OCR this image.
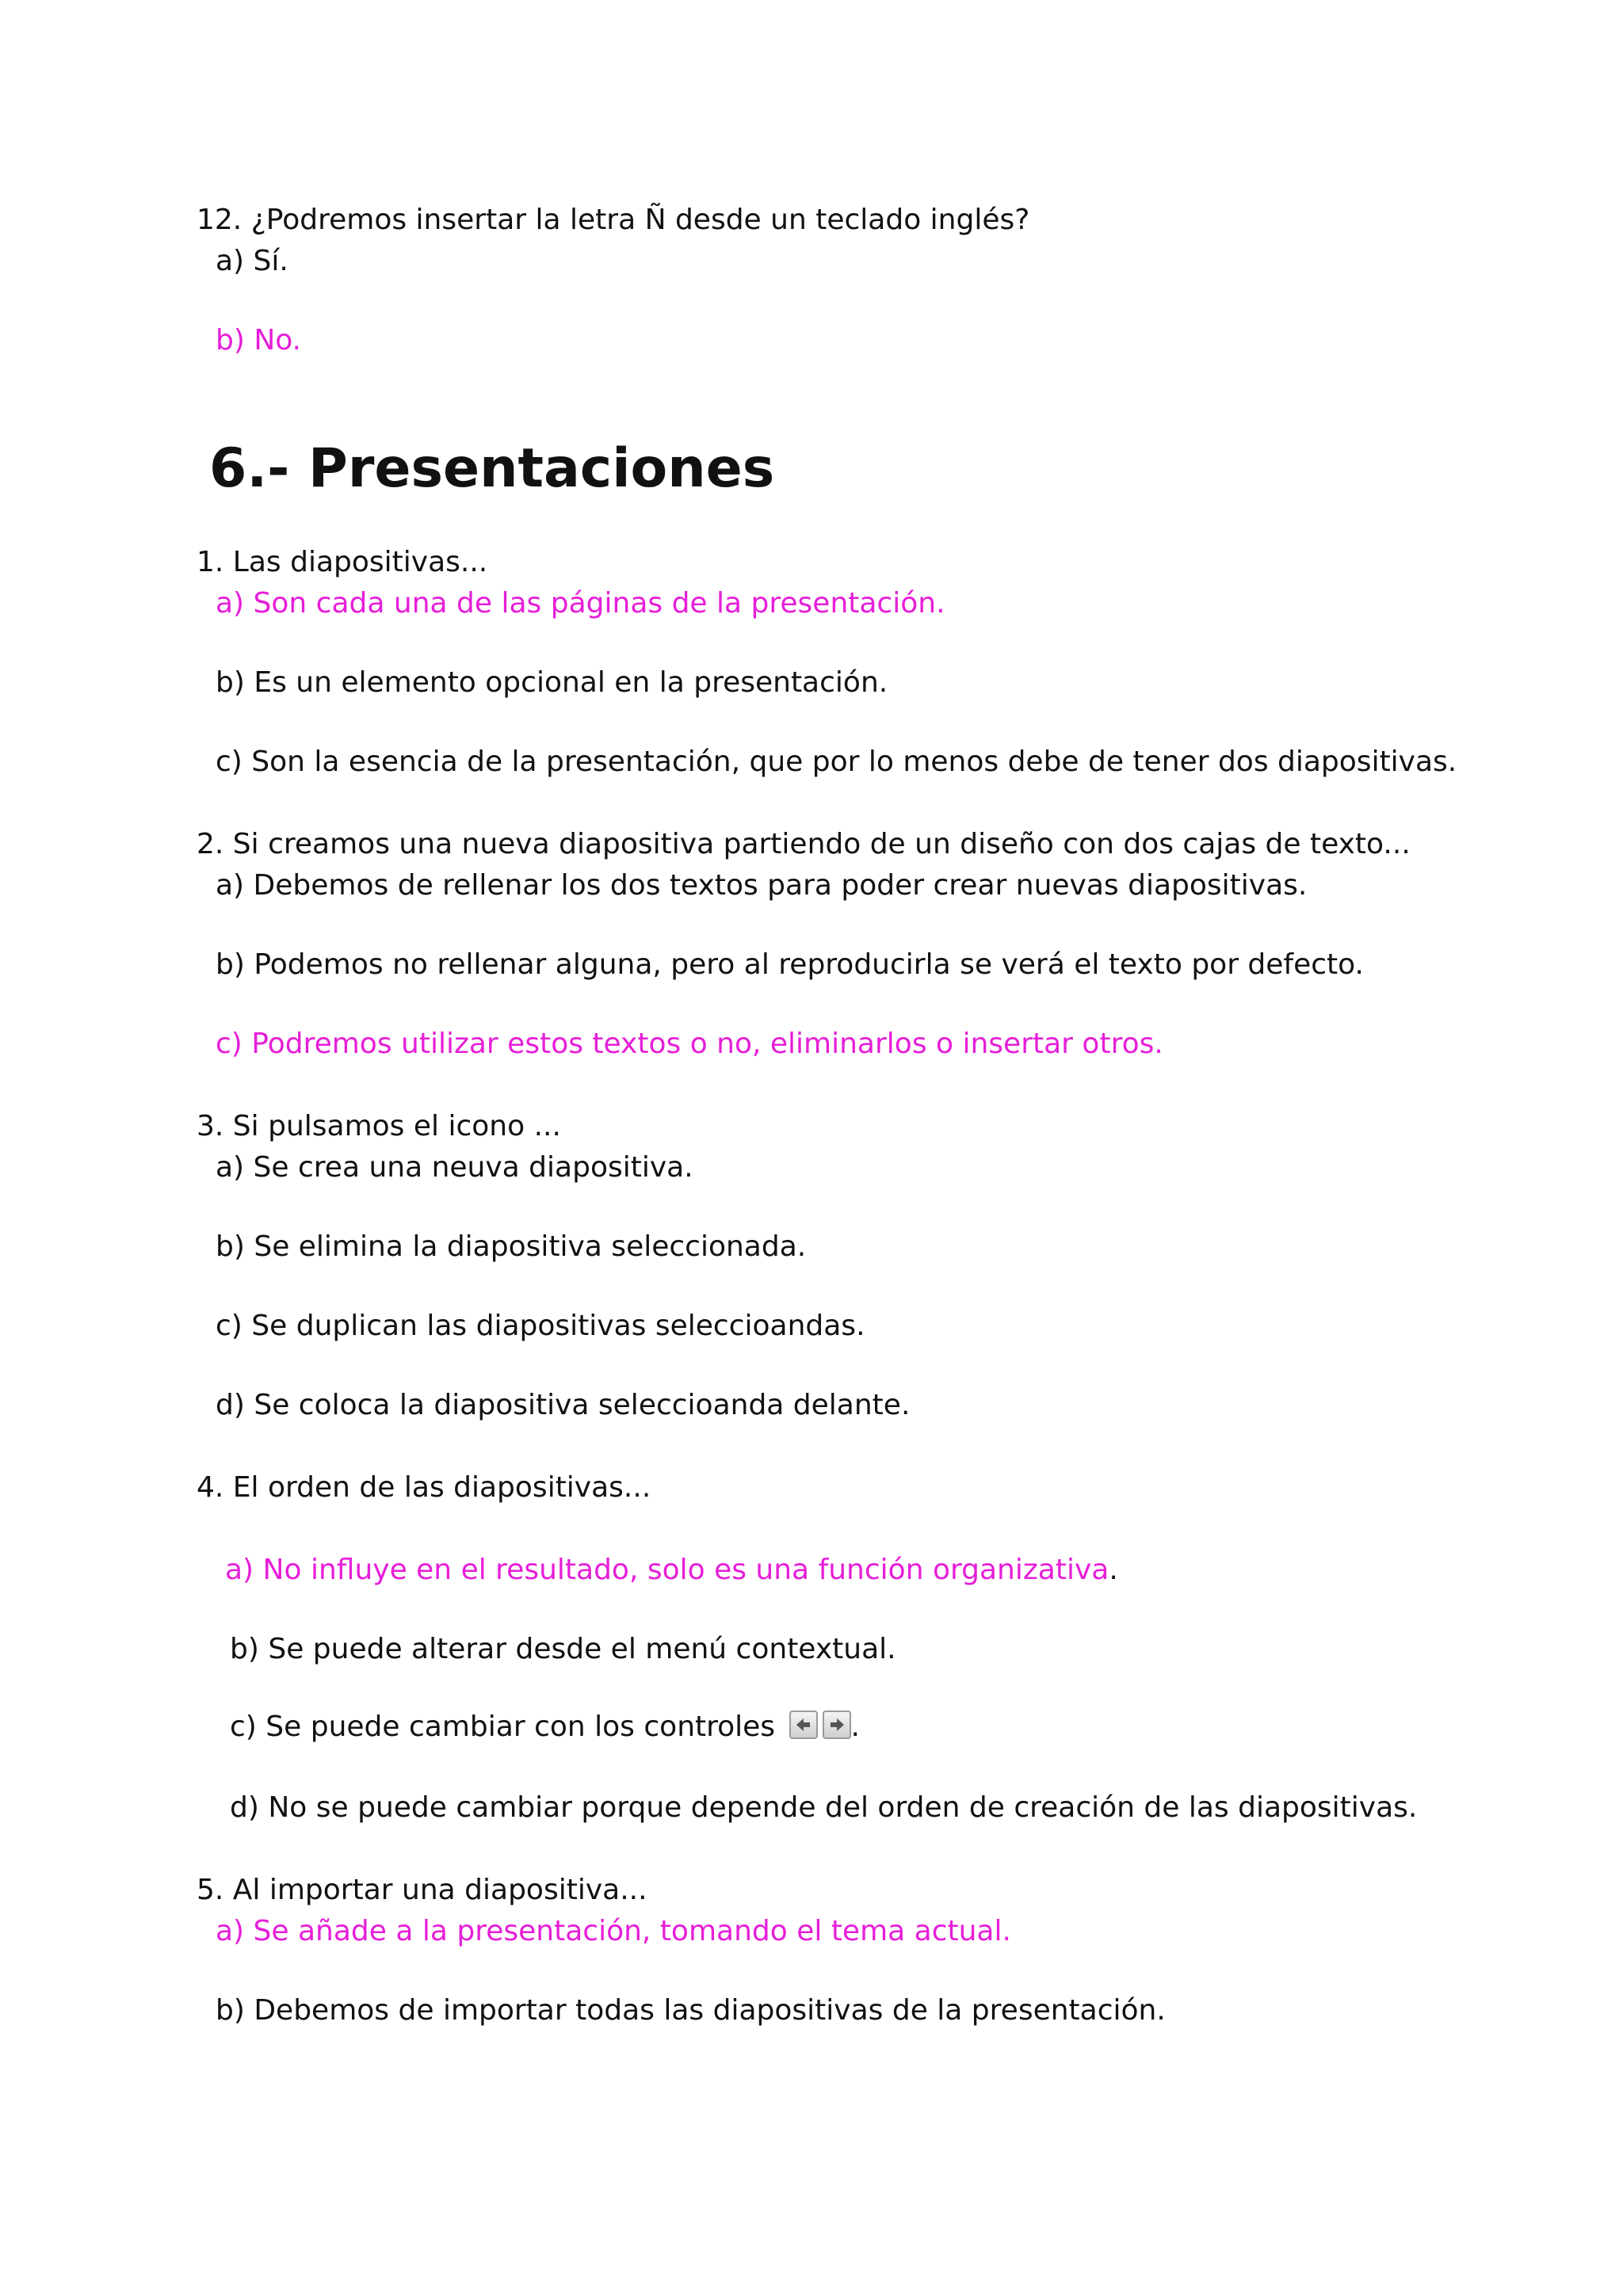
12. ¿Podremos insertar la letra Ñ desde un teclado inglés?
a) Sí.
b) No.
6.- Presentaciones
1. Las diapositivas...
a) Son cada una de las páginas de la presentación.
b) Es un elemento opcional en la presentación.
c) Son la esencia de la presentación, que por lo menos debe de tener dos diapositivas.
2. Si creamos una nueva diapositiva partiendo de un diseño con dos cajas de texto...
a) Debemos de rellenar los dos textos para poder crear nuevas diapositivas.
b) Podemos no rellenar alguna, pero al reproducirla se verá el texto por defecto.
c) Podremos utilizar estos textos o no, eliminarlos o insertar otros.
3. Si pulsamos el icono ...
a) Se crea una neuva diapositiva.
b) Se elimina la diapositiva seleccionada.
c) Se duplican las diapositivas seleccioandas.
d) Se coloca la diapositiva seleccioanda delante.
4. El orden de las diapositivas...
a) No influye en el resultado, solo es una función organizativa.
b) Se puede alterar desde el menú contextual.
c) Se puede cambiar con los controles
.
d) No se puede cambiar porque depende del orden de creación de las diapositivas.
5. Al importar una diapositiva...
a) Se añade a la presentación, tomando el tema actual.
b) Debemos de importar todas las diapositivas de la presentación.
